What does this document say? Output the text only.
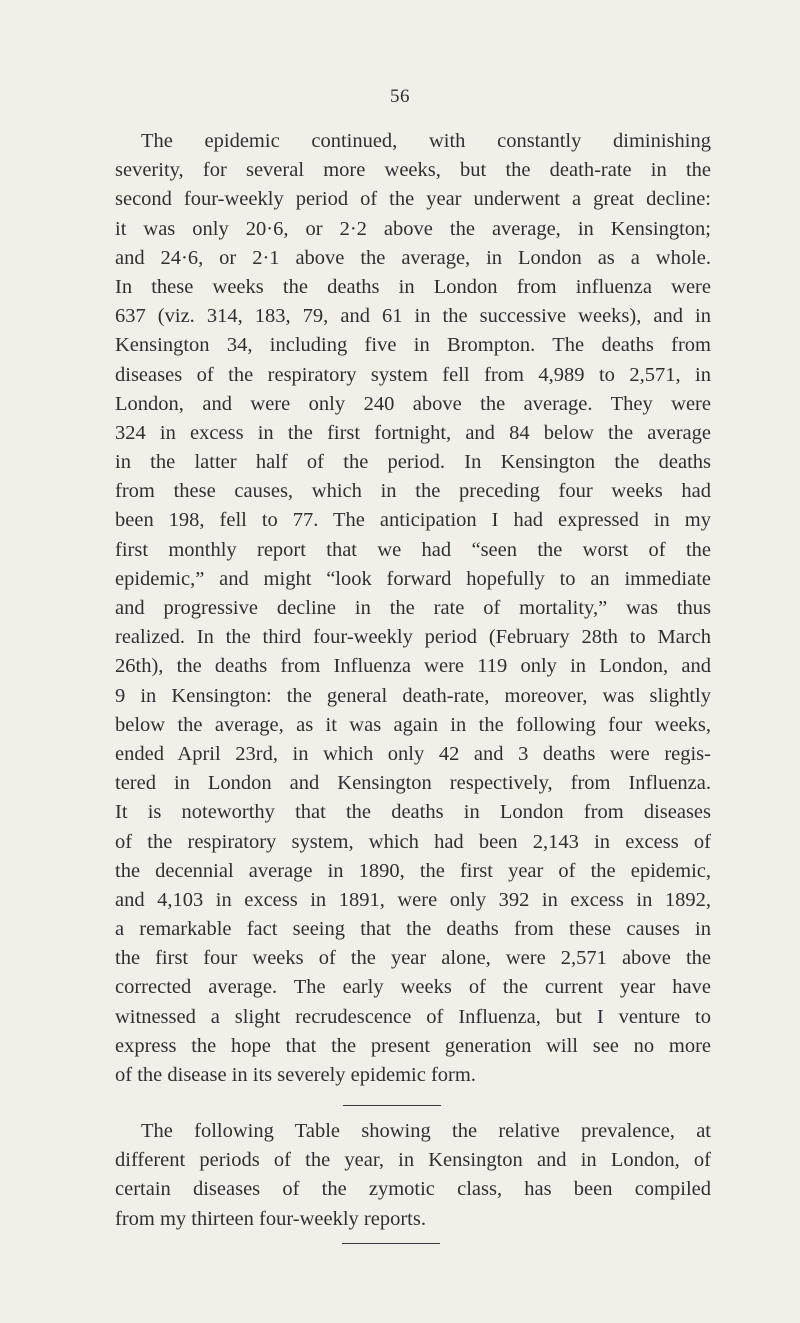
56
The epidemic continued, with constantly diminishing
severity, for several more weeks, but the death-rate in the
second four-weekly period of the year underwent a great decline:
it was only 20·6, or 2·2 above the average, in Kensington;
and 24·6, or 2·1 above the average, in London as a whole.
In these weeks the deaths in London from influenza were
637 (viz. 314, 183, 79, and 61 in the successive weeks), and in
Kensington 34, including five in Brompton. The deaths from
diseases of the respiratory system fell from 4,989 to 2,571, in
London, and were only 240 above the average. They were
324 in excess in the first fortnight, and 84 below the average
in the latter half of the period. In Kensington the deaths
from these causes, which in the preceding four weeks had
been 198, fell to 77. The anticipation I had expressed in my
first monthly report that we had “seen the worst of the
epidemic,” and might “look forward hopefully to an immediate
and progressive decline in the rate of mortality,” was thus
realized. In the third four-weekly period (February 28th to March
26th), the deaths from Influenza were 119 only in London, and
9 in Kensington: the general death-rate, moreover, was slightly
below the average, as it was again in the following four weeks,
ended April 23rd, in which only 42 and 3 deaths were regis-
tered in London and Kensington respectively, from Influenza.
It is noteworthy that the deaths in London from diseases
of the respiratory system, which had been 2,143 in excess of
the decennial average in 1890, the first year of the epidemic,
and 4,103 in excess in 1891, were only 392 in excess in 1892,
a remarkable fact seeing that the deaths from these causes in
the first four weeks of the year alone, were 2,571 above the
corrected average. The early weeks of the current year have
witnessed a slight recrudescence of Influenza, but I venture to
express the hope that the present generation will see no more
of the disease in its severely epidemic form.
The following Table showing the relative prevalence, at
different periods of the year, in Kensington and in London, of
certain diseases of the zymotic class, has been compiled
from my thirteen four-weekly reports.
